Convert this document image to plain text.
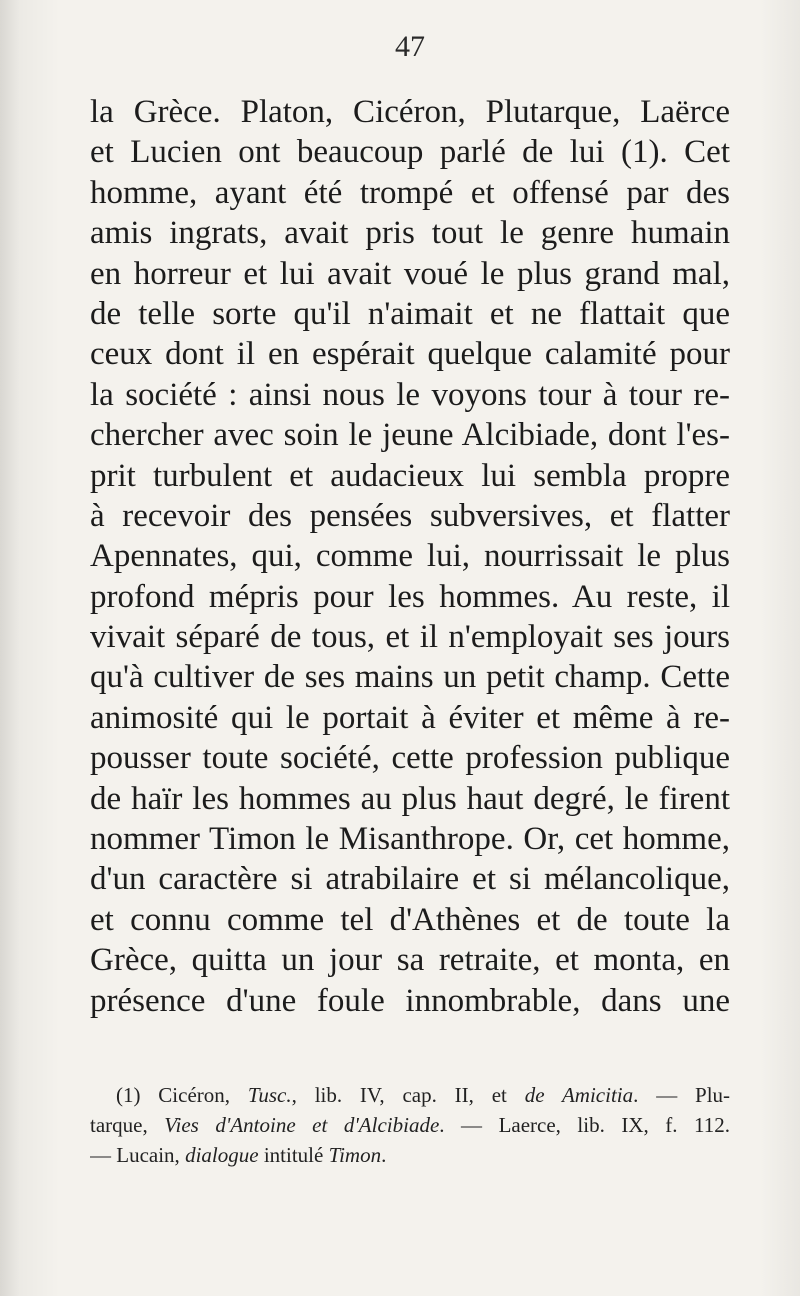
47
la Grèce. Platon, Cicéron, Plutarque, Laërce
et Lucien ont beaucoup parlé de lui (1). Cet
homme, ayant été trompé et offensé par des
amis ingrats, avait pris tout le genre humain
en horreur et lui avait voué le plus grand mal,
de telle sorte qu'il n'aimait et ne flattait que
ceux dont il en espérait quelque calamité pour
la société : ainsi nous le voyons tour à tour re-
chercher avec soin le jeune Alcibiade, dont l'es-
prit turbulent et audacieux lui sembla propre
à recevoir des pensées subversives, et flatter
Apennates, qui, comme lui, nourrissait le plus
profond mépris pour les hommes. Au reste, il
vivait séparé de tous, et il n'employait ses jours
qu'à cultiver de ses mains un petit champ. Cette
animosité qui le portait à éviter et même à re-
pousser toute société, cette profession publique
de haïr les hommes au plus haut degré, le firent
nommer Timon le Misanthrope. Or, cet homme,
d'un caractère si atrabilaire et si mélancolique,
et connu comme tel d'Athènes et de toute la
Grèce, quitta un jour sa retraite, et monta, en
présence d'une foule innombrable, dans une
(1) Cicéron, Tusc., lib. IV, cap. II, et de Amicitia. — Plu-
tarque, Vies d'Antoine et d'Alcibiade. — Laerce, lib. IX, f. 112.
— Lucain, dialogue intitulé Timon.
